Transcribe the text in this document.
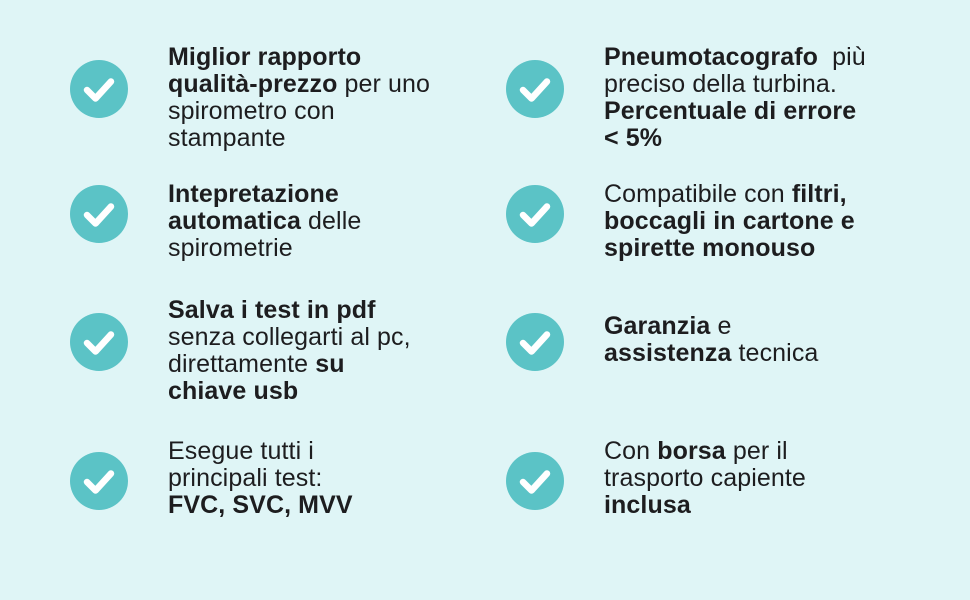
Miglior rapporto
qualità-prezzo per uno
spirometro con
stampante
Intepretazione
automatica delle
spirometrie
Salva i test in pdf
senza collegarti al pc,
direttamente su
chiave usb
Esegue tutti i
principali test:
FVC, SVC, MVV
Pneumotacografo  più
preciso della turbina.
Percentuale di errore
< 5%
Compatibile con filtri,
boccagli in cartone e
spirette monouso
Garanzia e
assistenza tecnica
Con borsa per il
trasporto capiente
inclusa
